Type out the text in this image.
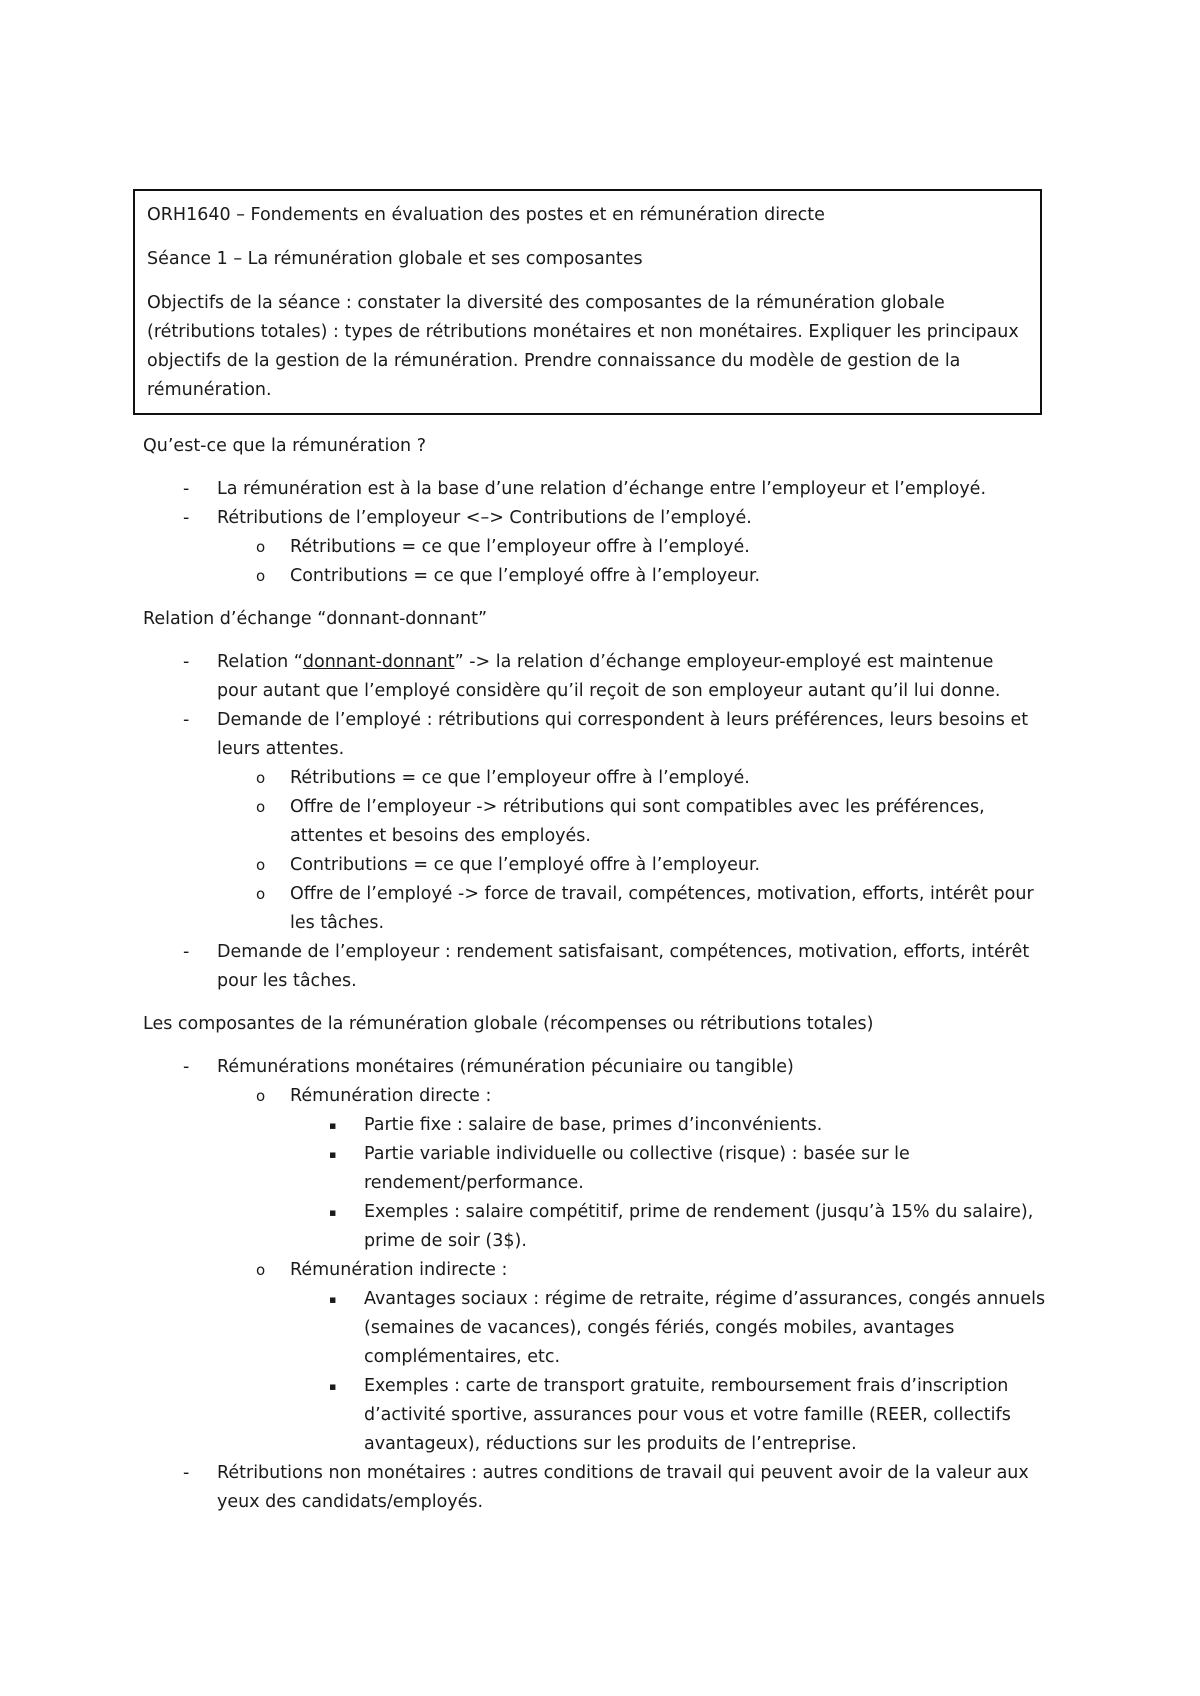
ORH1640 – Fondements en évaluation des postes et en rémunération directe

Séance 1 – La rémunération globale et ses composantes

Objectifs de la séance : constater la diversité des composantes de la rémunération globale

(rétributions totales) : types de rétributions monétaires et non monétaires. Expliquer les principaux

objectifs de la gestion de la rémunération. Prendre connaissance du modèle de gestion de la

rémunération.

Qu’est-ce que la rémunération ?

- La rémunération est à la base d’une relation d’échange entre l’employeur et l’employé.
- Rétributions de l’employeur <–> Contributions de l’employé.
o Rétributions = ce que l’employeur offre à l’employé.
o Contributions = ce que l’employé offre à l’employeur.

Relation d’échange “donnant-donnant”

- Relation “donnant-donnant” -> la relation d’échange employeur-employé est maintenue
pour autant que l’employé considère qu’il reçoit de son employeur autant qu’il lui donne.
- Demande de l’employé : rétributions qui correspondent à leurs préférences, leurs besoins et
leurs attentes.
o Rétributions = ce que l’employeur offre à l’employé.
o Offre de l’employeur -> rétributions qui sont compatibles avec les préférences,
attentes et besoins des employés.
o Contributions = ce que l’employé offre à l’employeur.
o Offre de l’employé -> force de travail, compétences, motivation, efforts, intérêt pour
les tâches.
- Demande de l’employeur : rendement satisfaisant, compétences, motivation, efforts, intérêt
pour les tâches.

Les composantes de la rémunération globale (récompenses ou rétributions totales)

- Rémunérations monétaires (rémunération pécuniaire ou tangible)
o Rémunération directe :
▪ Partie fixe : salaire de base, primes d’inconvénients.
▪ Partie variable individuelle ou collective (risque) : basée sur le
rendement/performance.
▪ Exemples : salaire compétitif, prime de rendement (jusqu’à 15% du salaire),
prime de soir (3$).
o Rémunération indirecte :
▪ Avantages sociaux : régime de retraite, régime d’assurances, congés annuels
(semaines de vacances), congés fériés, congés mobiles, avantages
complémentaires, etc.
▪ Exemples : carte de transport gratuite, remboursement frais d’inscription
d’activité sportive, assurances pour vous et votre famille (REER, collectifs
avantageux), réductions sur les produits de l’entreprise.
- Rétributions non monétaires : autres conditions de travail qui peuvent avoir de la valeur aux
yeux des candidats/employés.
